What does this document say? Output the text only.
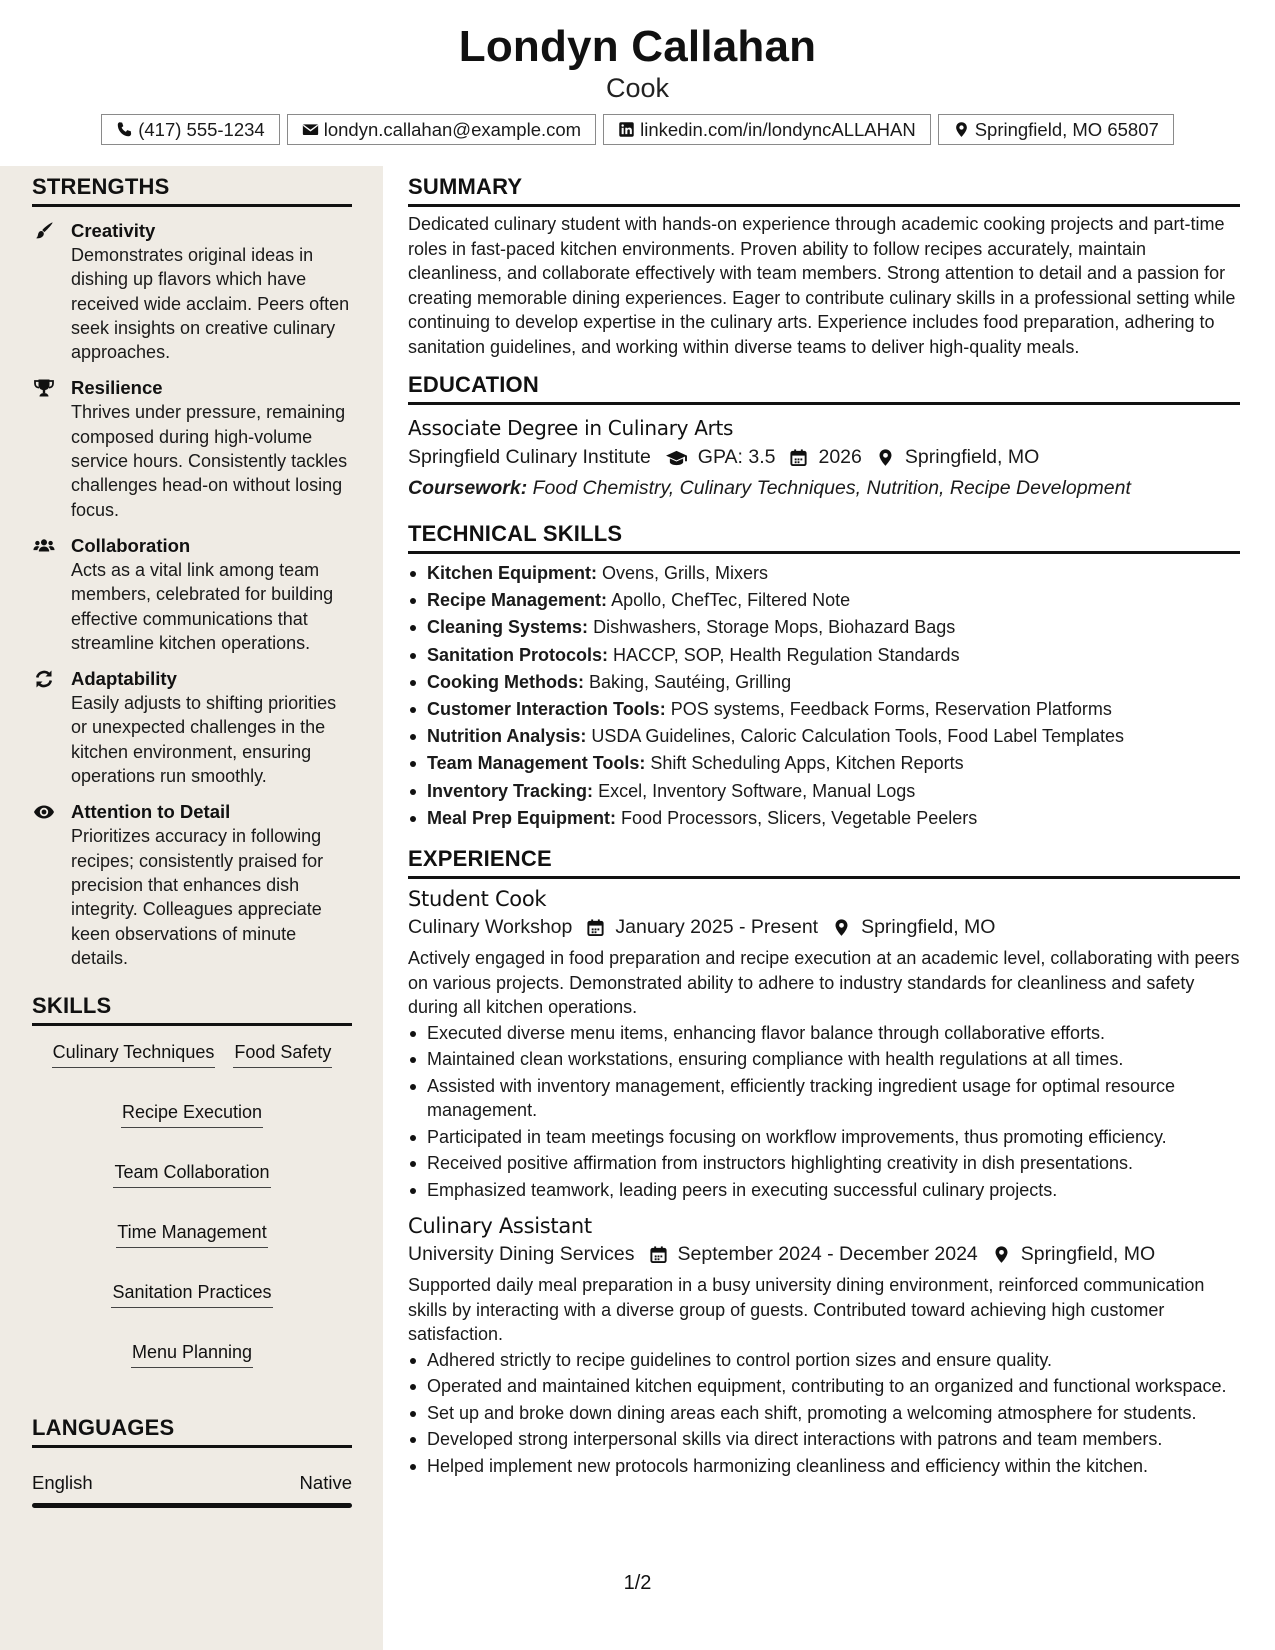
Londyn Callahan
Cook
(417) 555-1234	londyn.callahan@example.com	linkedin.com/in/londyncALLAHAN	Springfield, MO 65807
STRENGTHS
Creativity
Demonstrates original ideas in dishing up flavors which have received wide acclaim. Peers often seek insights on creative culinary approaches.
Resilience
Thrives under pressure, remaining composed during high-volume service hours. Consistently tackles challenges head-on without losing focus.
Collaboration
Acts as a vital link among team members, celebrated for building effective communications that streamline kitchen operations.
Adaptability
Easily adjusts to shifting priorities or unexpected challenges in the kitchen environment, ensuring operations run smoothly.
Attention to Detail
Prioritizes accuracy in following recipes; consistently praised for precision that enhances dish integrity. Colleagues appreciate keen observations of minute details.
SKILLS
Culinary Techniques Food Safety
Recipe Execution
Team Collaboration
Time Management
Sanitation Practices
Menu Planning
LANGUAGES
English	Native
SUMMARY
Dedicated culinary student with hands-on experience through academic cooking projects and part-time roles in fast-paced kitchen environments. Proven ability to follow recipes accurately, maintain cleanliness, and collaborate effectively with team members. Strong attention to detail and a passion for creating memorable dining experiences. Eager to contribute culinary skills in a professional setting while continuing to develop expertise in the culinary arts. Experience includes food preparation, adhering to sanitation guidelines, and working within diverse teams to deliver high-quality meals.
EDUCATION
Associate Degree in Culinary Arts
Springfield Culinary Institute GPA: 3.5 2026 Springfield, MO
Coursework: Food Chemistry, Culinary Techniques, Nutrition, Recipe Development
TECHNICAL SKILLS
Kitchen Equipment: Ovens, Grills, Mixers
Recipe Management: Apollo, ChefTec, Filtered Note
Cleaning Systems: Dishwashers, Storage Mops, Biohazard Bags
Sanitation Protocols: HACCP, SOP, Health Regulation Standards
Cooking Methods: Baking, Sautéing, Grilling
Customer Interaction Tools: POS systems, Feedback Forms, Reservation Platforms
Nutrition Analysis: USDA Guidelines, Caloric Calculation Tools, Food Label Templates
Team Management Tools: Shift Scheduling Apps, Kitchen Reports
Inventory Tracking: Excel, Inventory Software, Manual Logs
Meal Prep Equipment: Food Processors, Slicers, Vegetable Peelers
EXPERIENCE
Student Cook
Culinary Workshop January 2025 - Present Springfield, MO
Actively engaged in food preparation and recipe execution at an academic level, collaborating with peers on various projects. Demonstrated ability to adhere to industry standards for cleanliness and safety during all kitchen operations.
Executed diverse menu items, enhancing flavor balance through collaborative efforts.
Maintained clean workstations, ensuring compliance with health regulations at all times.
Assisted with inventory management, efficiently tracking ingredient usage for optimal resource management.
Participated in team meetings focusing on workflow improvements, thus promoting efficiency.
Received positive affirmation from instructors highlighting creativity in dish presentations.
Emphasized teamwork, leading peers in executing successful culinary projects.
Culinary Assistant
University Dining Services September 2024 - December 2024 Springfield, MO
Supported daily meal preparation in a busy university dining environment, reinforced communication skills by interacting with a diverse group of guests. Contributed toward achieving high customer satisfaction.
Adhered strictly to recipe guidelines to control portion sizes and ensure quality.
Operated and maintained kitchen equipment, contributing to an organized and functional workspace.
Set up and broke down dining areas each shift, promoting a welcoming atmosphere for students.
Developed strong interpersonal skills via direct interactions with patrons and team members.
Helped implement new protocols harmonizing cleanliness and efficiency within the kitchen.
1/2
